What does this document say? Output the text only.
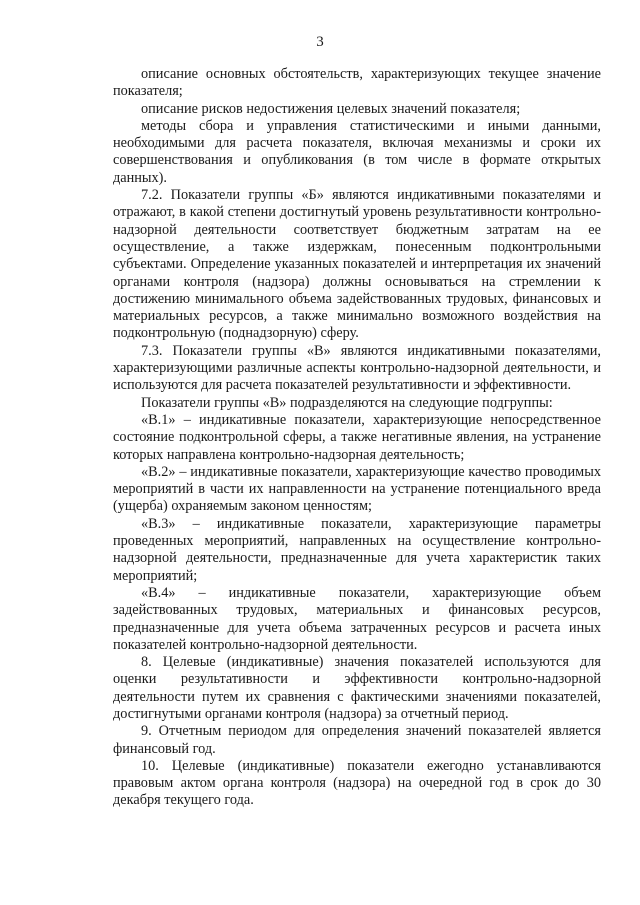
3

описание основных обстоятельств, характеризующих текущее значение показателя;

описание рисков недостижения целевых значений показателя;

методы сбора и управления статистическими и иными данными, необходимыми для расчета показателя, включая механизмы и сроки их совершенствования и опубликования (в том числе в формате открытых данных).

7.2. Показатели группы «Б» являются индикативными показателями и отражают, в какой степени достигнутый уровень результативности контрольно-надзорной деятельности соответствует бюджетным затратам на ее осуществление, а также издержкам, понесенным подконтрольными субъектами. Определение указанных показателей и интерпретация их значений органами контроля (надзора) должны основываться на стремлении к достижению минимального объема задействованных трудовых, финансовых и материальных ресурсов, а также минимально возможного воздействия на подконтрольную (поднадзорную) сферу.

7.3. Показатели группы «В» являются индикативными показателями, характеризующими различные аспекты контрольно-надзорной деятельности, и используются для расчета показателей результативности и эффективности.

Показатели группы «В» подразделяются на следующие подгруппы:

«В.1» – индикативные показатели, характеризующие непосредственное состояние подконтрольной сферы, а также негативные явления, на устранение которых направлена контрольно-надзорная деятельность;

«В.2» – индикативные показатели, характеризующие качество проводимых мероприятий в части их направленности на устранение потенциального вреда (ущерба) охраняемым законом ценностям;

«В.3» – индикативные показатели, характеризующие параметры проведенных мероприятий, направленных на осуществление контрольно-надзорной деятельности, предназначенные для учета характеристик таких мероприятий;

«В.4» – индикативные показатели, характеризующие объем задействованных трудовых, материальных и финансовых ресурсов, предназначенные для учета объема затраченных ресурсов и расчета иных показателей контрольно-надзорной деятельности.

8. Целевые (индикативные) значения показателей используются для оценки результативности и эффективности контрольно-надзорной деятельности путем их сравнения с фактическими значениями показателей, достигнутыми органами контроля (надзора) за отчетный период.

9. Отчетным периодом для определения значений показателей является финансовый год.

10. Целевые (индикативные) показатели ежегодно устанавливаются правовым актом органа контроля (надзора) на очередной год в срок до 30 декабря текущего года.
